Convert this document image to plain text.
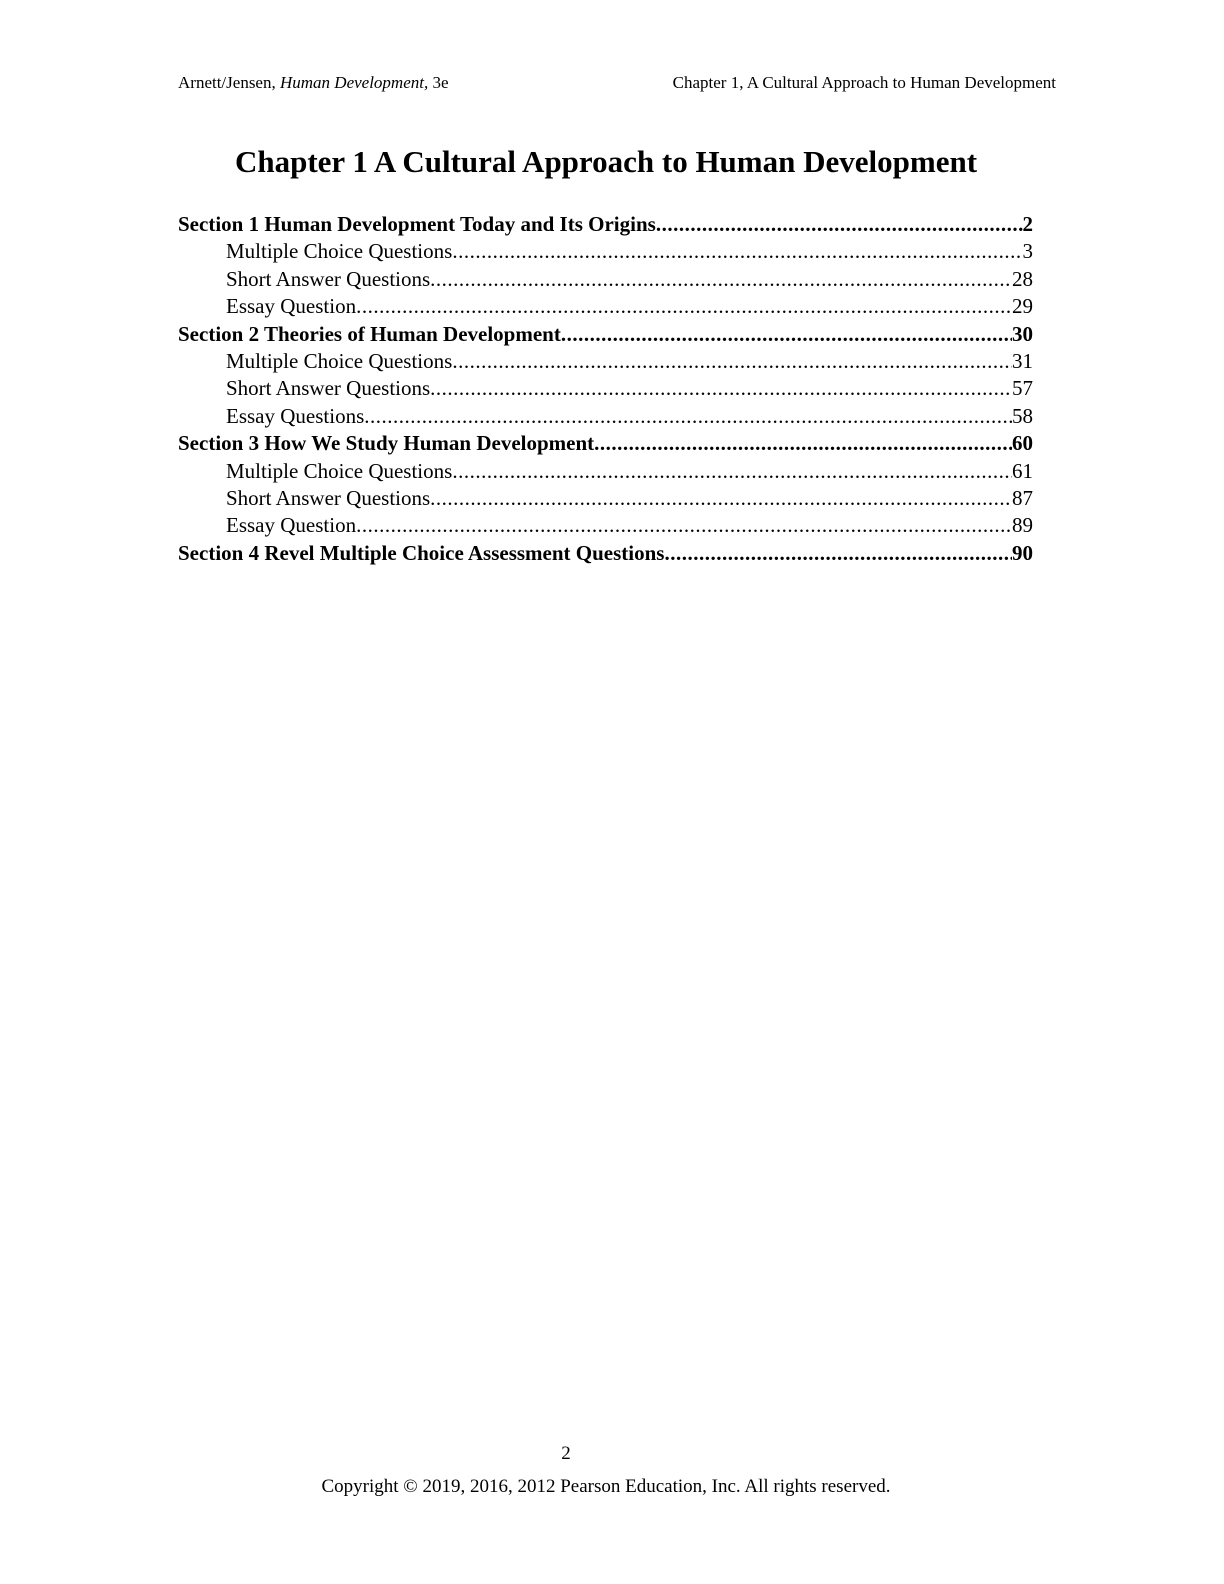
Arnett/Jensen, Human Development, 3e	Chapter 1, A Cultural Approach to Human Development
Chapter 1 A Cultural Approach to Human Development
Section 1 Human Development Today and Its Origins .....	2
Multiple Choice Questions .....	3
Short Answer Questions .....	28
Essay Question .....	29
Section 2 Theories of Human Development .....	30
Multiple Choice Questions .....	31
Short Answer Questions .....	57
Essay Questions .....	58
Section 3 How We Study Human Development .....	60
Multiple Choice Questions .....	61
Short Answer Questions .....	87
Essay Question .....	89
Section 4 Revel Multiple Choice Assessment Questions .....	90
2
Copyright © 2019, 2016, 2012 Pearson Education, Inc. All rights reserved.
